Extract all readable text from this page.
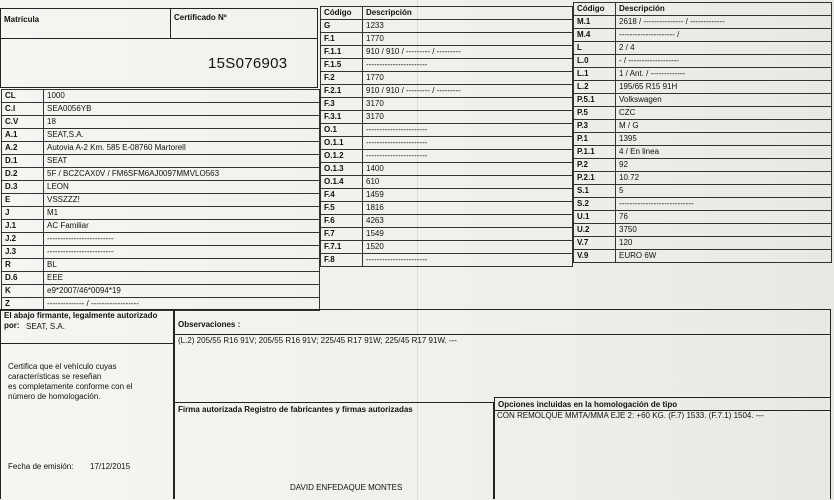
Matrícula	Certificado Nº
15S076903
CL	1000
C.I	SEA0056YB
C.V	18
A.1	SEAT,S.A.
A.2	Autovia A-2 Km. 585 E-08760 Martorell
D.1	SEAT
D.2	5F / BCZCAX0V / FM6SFM6AJ0097MMVLO563
D.3	LEON
E	VSSZZZ!
J	M1
J.1	AC Familiar
J.2	-------------------------
J.3	-------------------------
R	BL
D.6	EEE
K	e9*2007/46*0094*19
Z	-------------- / ------------------
Código	Descripción
G	1233
F.1	1770
F.1.1	910 / 910 / --------- / ---------
F.1.5	-----------------------
F.2	1770
F.2.1	910 / 910 / --------- / ---------
F.3	3170
F.3.1	3170
O.1	-----------------------
O.1.1	-----------------------
O.1.2	-----------------------
O.1.3	1400
O.1.4	610
F.4	1459
F.5	1816
F.6	4263
F.7	1549
F.7.1	1520
F.8	-----------------------
Código	Descripción
M.1	2618 / --------------- / -------------
M.4	--------------------- /
L	2 / 4
L.0	- / -------------------
L.1	1 / Ant. / -------------
L.2	195/65 R15 91H
P.5.1	Volkswagen
P.5	CZC
P.3	M / G
P.1	1395
P.1.1	4 / En linea
P.2	92
P.2.1	10.72
S.1	5
S.2	----------------------------
U.1	76
U.2	3750
V.7	120
V.9	EURO 6W
El abajo firmante, legalmente autorizado por: SEAT, S.A.
Certifica que el vehículo cuyas
características se reseñan
es completamente conforme con el
número de homologación.
Fecha de emisión: 17/12/2015
Observaciones :
(L.2) 205/55 R16 91V; 205/55 R16 91V; 225/45 R17 91W; 225/45 R17 91W. ---
Firma autorizada Registro de fabricantes y firmas autorizadas
Opciones incluidas en la homologación de tipo
CON REMOLQUE MMTA/MMA EJE 2: +60 KG. (F.7) 1533. (F.7.1) 1504. ---
DAVID ENFEDAQUE MONTES
